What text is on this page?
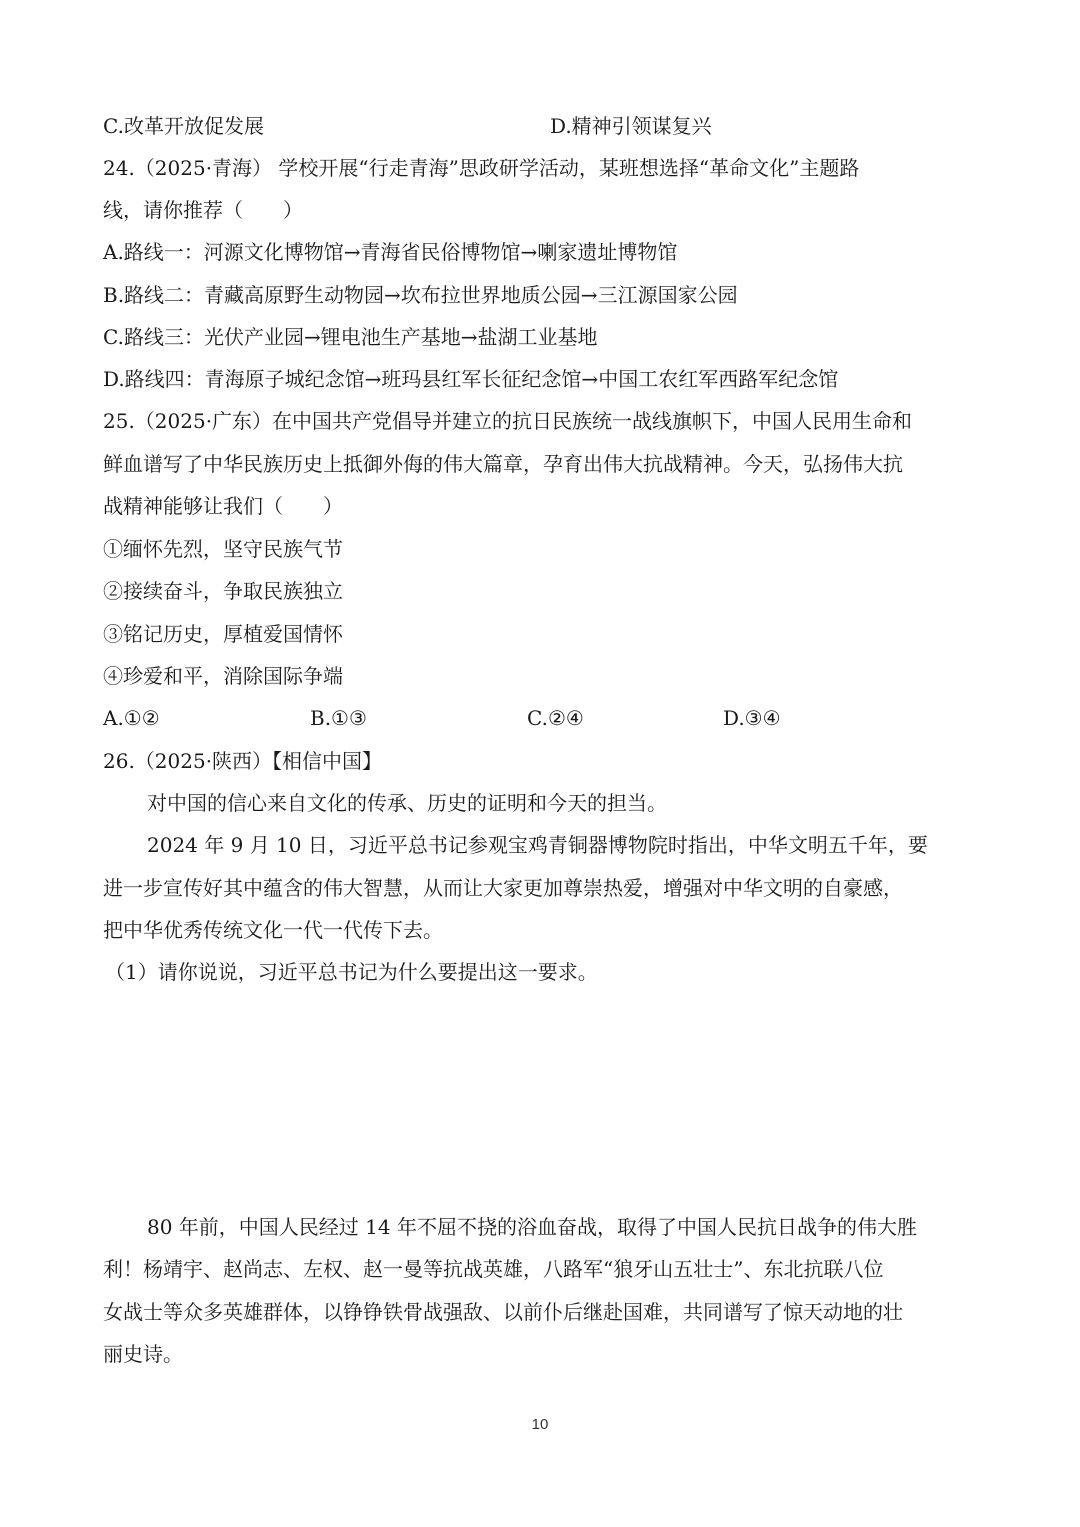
C.改革开放促发展	D.精神引领谋复兴
24.（2025·青海） 学校开展“行走青海”思政研学活动，某班想选择“革命文化”主题路
线，请你推荐（　　）
A.路线一：河源文化博物馆→青海省民俗博物馆→喇家遗址博物馆
B.路线二：青藏高原野生动物园→坎布拉世界地质公园→三江源国家公园
C.路线三：光伏产业园→锂电池生产基地→盐湖工业基地
D.路线四：青海原子城纪念馆→班玛县红军长征纪念馆→中国工农红军西路军纪念馆
25.（2025·广东）在中国共产党倡导并建立的抗日民族统一战线旗帜下，中国人民用生命和
鲜血谱写了中华民族历史上抵御外侮的伟大篇章，孕育出伟大抗战精神。今天，弘扬伟大抗
战精神能够让我们（　　）
①缅怀先烈，坚守民族气节
②接续奋斗，争取民族独立
③铭记历史，厚植爱国情怀
④珍爱和平，消除国际争端
A.①②	B.①③	C.②④	D.③④
26.（2025·陕西）【相信中国】
对中国的信心来自文化的传承、历史的证明和今天的担当。
2024 年 9 月 10 日，习近平总书记参观宝鸡青铜器博物院时指出，中华文明五千年，要
进一步宣传好其中蕴含的伟大智慧，从而让大家更加尊崇热爱，增强对中华文明的自豪感，
把中华优秀传统文化一代一代传下去。
（1）请你说说，习近平总书记为什么要提出这一要求。
80 年前，中国人民经过 14 年不屈不挠的浴血奋战，取得了中国人民抗日战争的伟大胜
利！杨靖宇、赵尚志、左权、赵一曼等抗战英雄，八路军“狼牙山五壮士”、东北抗联八位
女战士等众多英雄群体，以铮铮铁骨战强敌、以前仆后继赴国难，共同谱写了惊天动地的壮
丽史诗。
10
